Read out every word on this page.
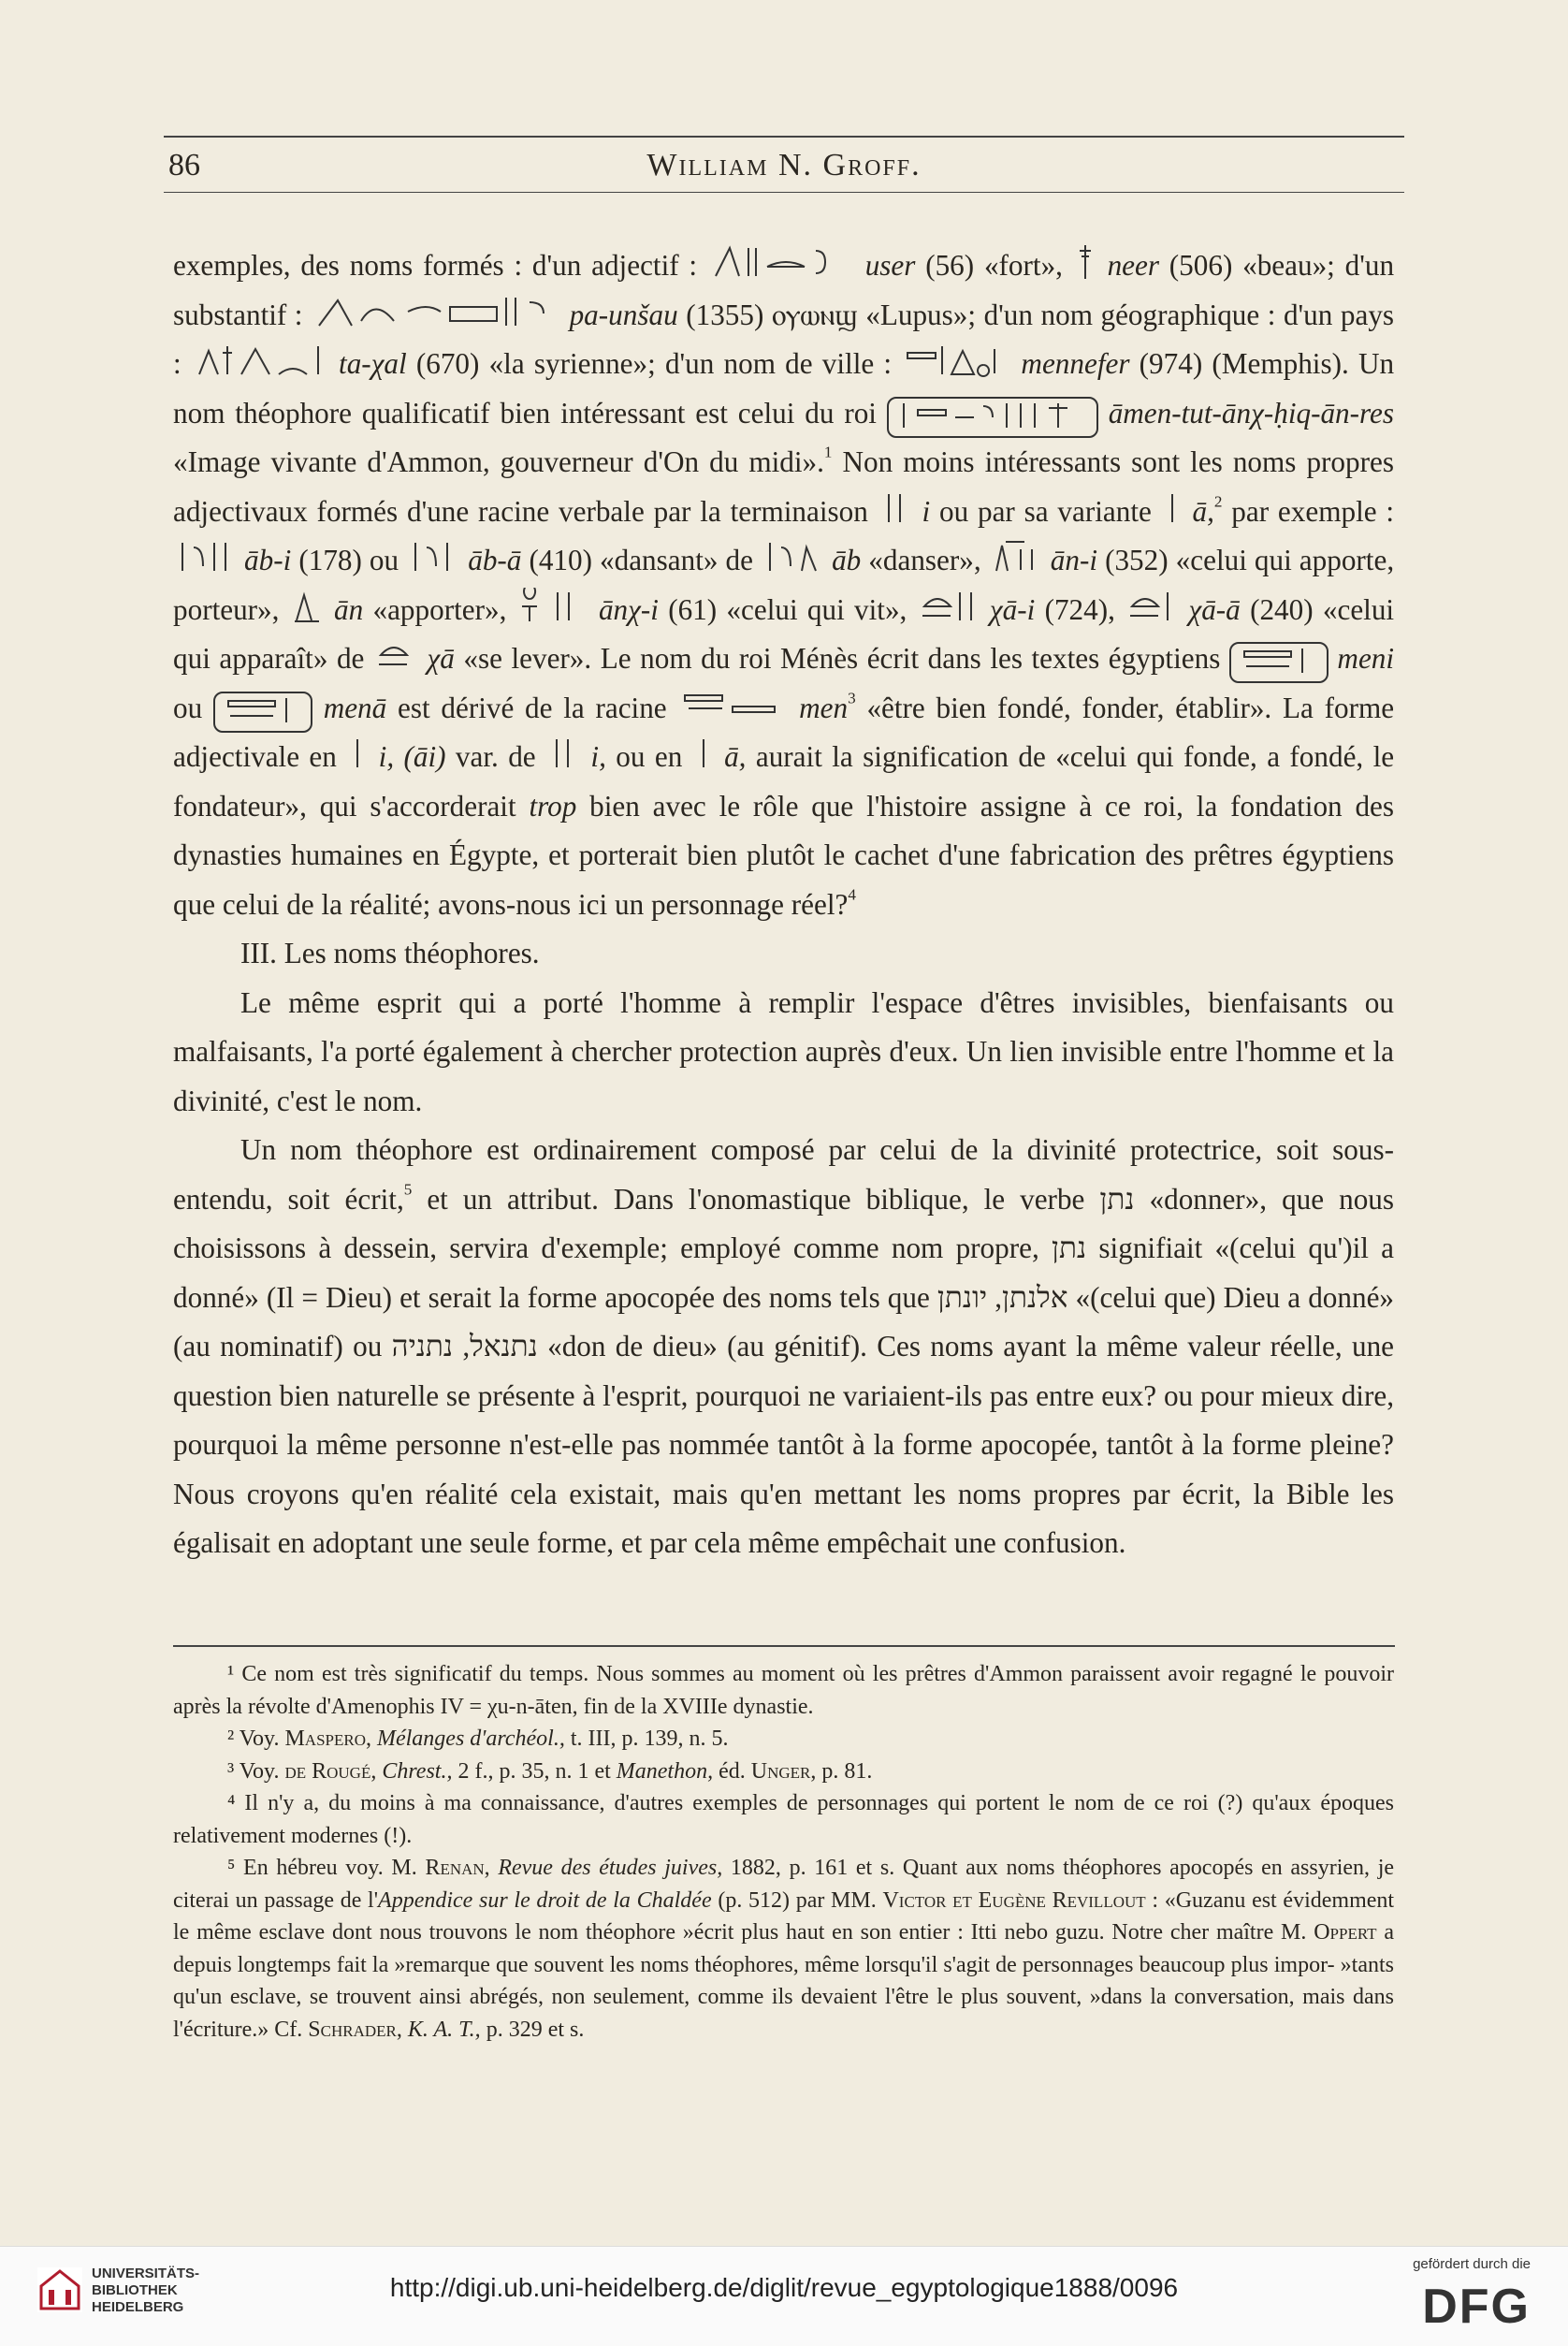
86	William N. Groff.

exemples, des noms formés : d'un adjectif :	user (56) «fort», neer (506) «beau»; d'un substantif :	pa-unšau (1355) ⲟⲩⲱⲛϣ «Lupus»; d'un nom géographique : d'un pays :	ta-χal (670) «la syrienne»; d'un nom de ville :	mennefer (974) (Memphis). Un nom théophore qualificatif bien intéressant est celui du roi	āmen-tut-ānχ-ḥiq-ān-res «Image vivante d'Ammon, gouverneur d'On du midi».$^1$ Non moins intéressants sont les noms propres adjectivaux formés d'une racine verbale par la terminaison i ou par sa variante ā,$^2$ par exemple :  āb-i (178) ou āb-ā (410) «dansant» de	āb «danser», ān-i (352) «celui qui apporte, porteur», ān «apporter»,	ānχ-i (61) «celui qui vit»,	χā-i (724),	χā-ā (240) «celui qui apparaît» de χā «se lever». Le nom du roi Ménès écrit dans les textes égyptiens	meni ou	menā est dérivé de la racine	men$^3$ «être bien fondé, fonder, établir». La forme adjectivale en i, (āi) var. de i, ou en ā, aurait la signification de «celui qui fonde, a fondé, le fondateur», qui s'accorderait trop bien avec le rôle que l'histoire assigne à ce roi, la fondation des dynasties humaines en Égypte, et porterait bien plutôt le cachet d'une fabrication des prêtres égyptiens que celui de la réalité; avons-nous ici un personnage réel?$^4$

III. Les noms théophores.

Le même esprit qui a porté l'homme à remplir l'espace d'êtres invisibles, bienfaisants ou malfaisants, l'a porté également à chercher protection auprès d'eux. Un lien invisible entre l'homme et la divinité, c'est le nom.

Un nom théophore est ordinairement composé par celui de la divinité protectrice, soit sous-entendu, soit écrit,$^5$ et un attribut. Dans l'onomastique biblique, le verbe נתן «donner», que nous choisissons à dessein, servira d'exemple; employé comme nom propre, נתן signifiait «(celui qu')il a donné» (Il = Dieu) et serait la forme apocopée des noms tels que אלנתן, יונתן «(celui que) Dieu a donné» (au nominatif) ou נתנאל, נתניה «don de dieu» (au génitif). Ces noms ayant la même valeur réelle, une question bien naturelle se présente à l'esprit, pourquoi ne variaient-ils pas entre eux? ou pour mieux dire, pourquoi la même personne n'est-elle pas nommée tantôt à la forme apocopée, tantôt à la forme pleine? Nous croyons qu'en réalité cela existait, mais qu'en mettant les noms propres par écrit, la Bible les égalisait en adoptant une seule forme, et par cela même empêchait une confusion.

¹ Ce nom est très significatif du temps. Nous sommes au moment où les prêtres d'Ammon paraissent avoir regagné le pouvoir après la révolte d'Amenophis IV = χu-n-āten, fin de la XVIIIe dynastie.

² Voy. Maspero, Mélanges d'archéol., t. III, p. 139, n. 5.

³ Voy. de Rougé, Chrest., 2 f., p. 35, n. 1 et Manethon, éd. Unger, p. 81.

⁴ Il n'y a, du moins à ma connaissance, d'autres exemples de personnages qui portent le nom de ce roi (?) qu'aux époques relativement modernes (!).

⁵ En hébreu voy. M. Renan, Revue des études juives, 1882, p. 161 et s. Quant aux noms théophores apocopés en assyrien, je citerai un passage de l'Appendice sur le droit de la Chaldée (p. 512) par MM. Victor et Eugène Revillout : «Guzanu est évidemment le même esclave dont nous trouvons le nom théophore »écrit plus haut en son entier : Itti nebo guzu. Notre cher maître M. Oppert a depuis longtemps fait la »remarque que souvent les noms théophores, même lorsqu'il s'agit de personnages beaucoup plus impor- »tants qu'un esclave, se trouvent ainsi abrégés, non seulement, comme ils devaient l'être le plus souvent, »dans la conversation, mais dans l'écriture.» Cf. Schrader, K. A. T., p. 329 et s.

UNIVERSITÄTS-
BIBLIOTHEK
HEIDELBERG
http://digi.ub.uni-heidelberg.de/diglit/revue_egyptologique1888/0096
gefördert durch die
DFG
